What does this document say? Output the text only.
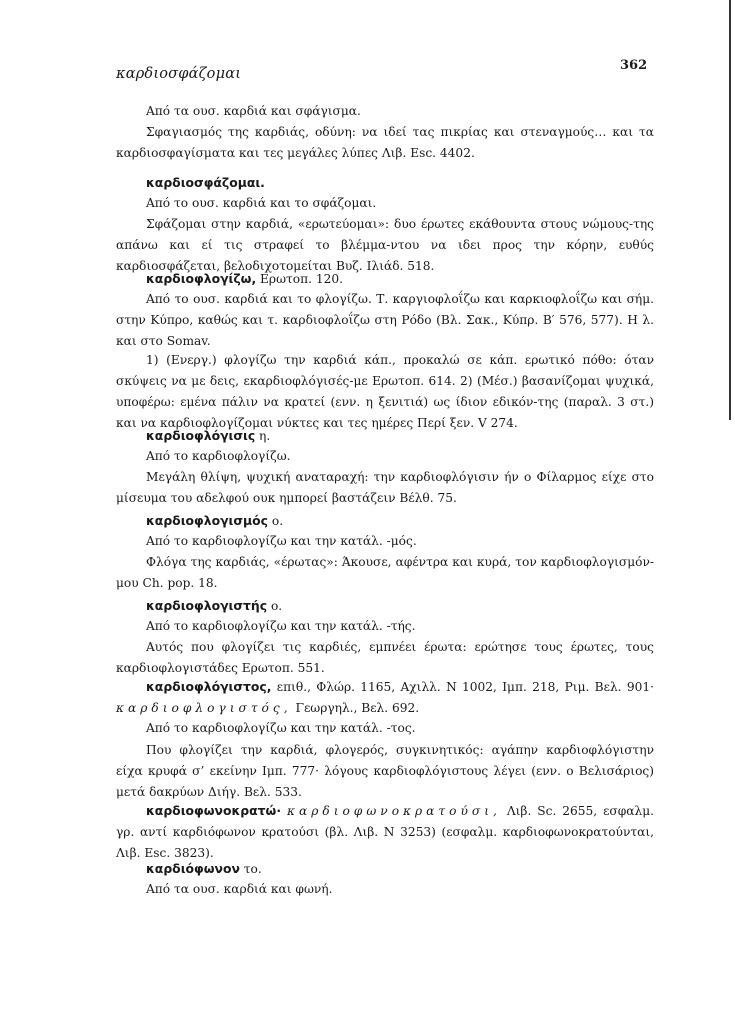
καρδιοσφάζομαι
362
Από τα ουσ. καρδιά και σφάγισμα.
Σφαγιασμός της καρδιάς, οδύνη: να ιδεί τας πικρίας και στεναγμούς… και τα καρδιοσφαγίσματα και τες μεγάλες λύπες Λιβ. Esc. 4402.
καρδιοσφάζομαι.
Από το ουσ. καρδιά και το σφάζομαι.
Σφάζομαι στην καρδιά, «ερωτεύομαι»: δυο έρωτες εκάθουντα στους νώμους-της απάνω και εί τις στραφεί το βλέμμα-ντου να ιδει προς την κόρην, ευθύς καρδιοσφάζεται, βελοδιχοτομείται Βυζ. Ιλιάδ. 518.
καρδιοφλογίζω, Ερωτοπ. 120.
Από το ουσ. καρδιά και το φλογίζω. Τ. καργιοφλοΐζω και καρκιοφλοΐζω και σήμ. στην Κύπρο, καθώς και τ. καρδιοφλοΐζω στη Ρόδο (Βλ. Σακ., Κύπρ. Β′ 576, 577). Η λ. και στο Somav.
1) (Ενεργ.) φλογίζω την καρδιά κάπ., προκαλώ σε κάπ. ερωτικό πόθο: όταν σκύψεις να με δεις, εκαρδιοφλόγισές-με Ερωτοπ. 614. 2) (Μέσ.) βασανίζομαι ψυχικά, υποφέρω: εμένα πάλιν να κρατεί (ενν. η ξενιτιά) ως ίδιον εδικόν-της (παραλ. 3 στ.) και να καρδιοφλογίζομαι νύκτες και τες ημέρες Περί ξεν. V 274.
καρδιοφλόγισις η.
Από το καρδιοφλογίζω.
Μεγάλη θλίψη, ψυχική αναταραχή: την καρδιοφλόγισιν ήν ο Φίλαρμος είχε στο μίσευμα του αδελφού ουκ ημπορεί βαστάζειν Βέλθ. 75.
καρδιοφλογισμός ο.
Από το καρδιοφλογίζω και την κατάλ. -μός.
Φλόγα της καρδιάς, «έρωτας»: Άκουσε, αφέντρα και κυρά, τον καρδιοφλογισμόν-μου Ch. pop. 18.
καρδιοφλογιστής ο.
Από το καρδιοφλογίζω και την κατάλ. -τής.
Αυτός που φλογίζει τις καρδιές, εμπνέει έρωτα: ερώτησε τους έρωτες, τους καρδιοφλογιστάδες Ερωτοπ. 551.
καρδιοφλόγιστος, επιθ., Φλώρ. 1165, Αχιλλ. Ν 1002, Ιμπ. 218, Ριμ. Βελ. 901· καρδιοφλογιστός, Γεωργηλ., Βελ. 692.
Από το καρδιοφλογίζω και την κατάλ. -τος.
Που φλογίζει την καρδιά, φλογερός, συγκινητικός: αγάπην καρδιοφλόγιστην είχα κρυφά σ’ εκείνην Ιμπ. 777· λόγους καρδιοφλόγιστους λέγει (ενν. ο Βελισάριος) μετά δακρύων Διήγ. Βελ. 533.
καρδιοφωνοκρατώ· καρδιοφωνοκρατούσι, Λιβ. Sc. 2655, εσφαλμ. γρ. αντί καρδιόφωνον κρατούσι (βλ. Λιβ. Ν 3253) (εσφαλμ. καρδιοφωνοκρατούνται, Λιβ. Esc. 3823).
καρδιόφωνον το.
Από τα ουσ. καρδιά και φωνή.
